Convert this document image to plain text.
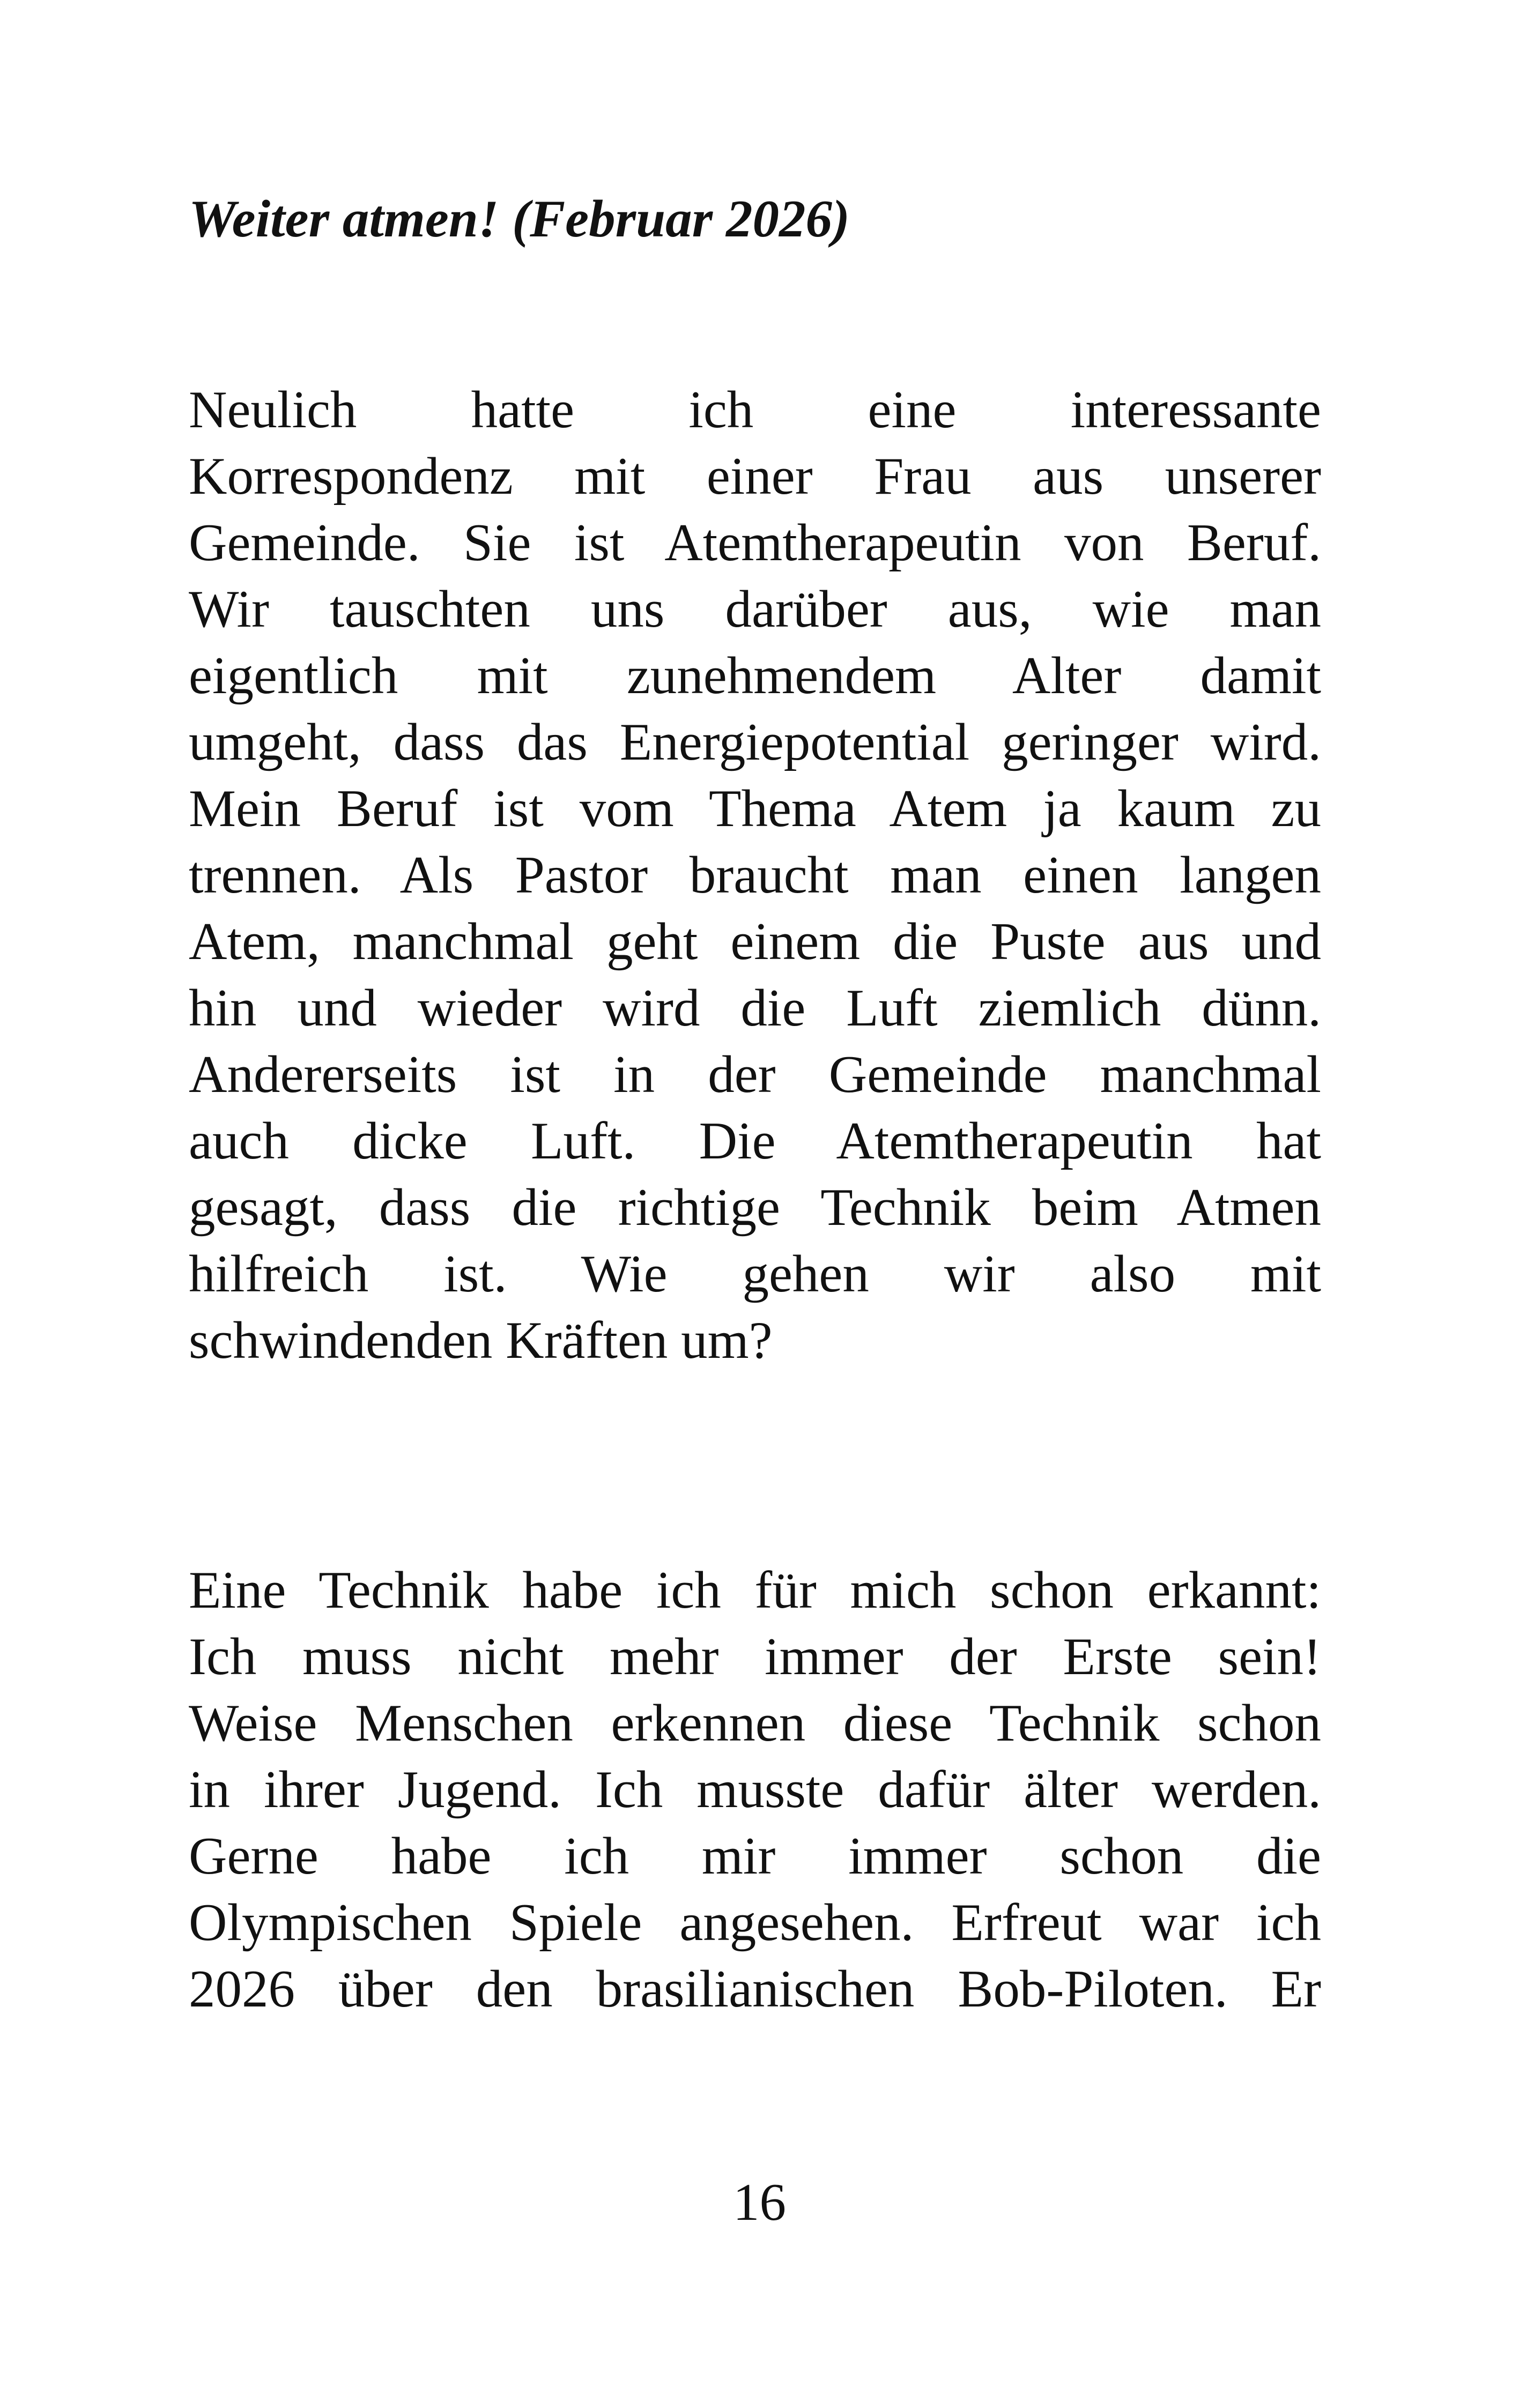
Weiter atmen! (Februar 2026)
Neulich hatte ich eine interessante
Korrespondenz mit einer Frau aus unserer
Gemeinde. Sie ist Atemtherapeutin von Beruf.
Wir tauschten uns darüber aus, wie man
eigentlich mit zunehmendem Alter damit
umgeht, dass das Energiepotential geringer wird.
Mein Beruf ist vom Thema Atem ja kaum zu
trennen. Als Pastor braucht man einen langen
Atem, manchmal geht einem die Puste aus und
hin und wieder wird die Luft ziemlich dünn.
Andererseits ist in der Gemeinde manchmal
auch dicke Luft. Die Atemtherapeutin hat
gesagt, dass die richtige Technik beim Atmen
hilfreich ist. Wie gehen wir also mit
schwindenden Kräften um?
Eine Technik habe ich für mich schon erkannt:
Ich muss nicht mehr immer der Erste sein!
Weise Menschen erkennen diese Technik schon
in ihrer Jugend. Ich musste dafür älter werden.
Gerne habe ich mir immer schon die
Olympischen Spiele angesehen. Erfreut war ich
2026 über den brasilianischen Bob-Piloten. Er

16
